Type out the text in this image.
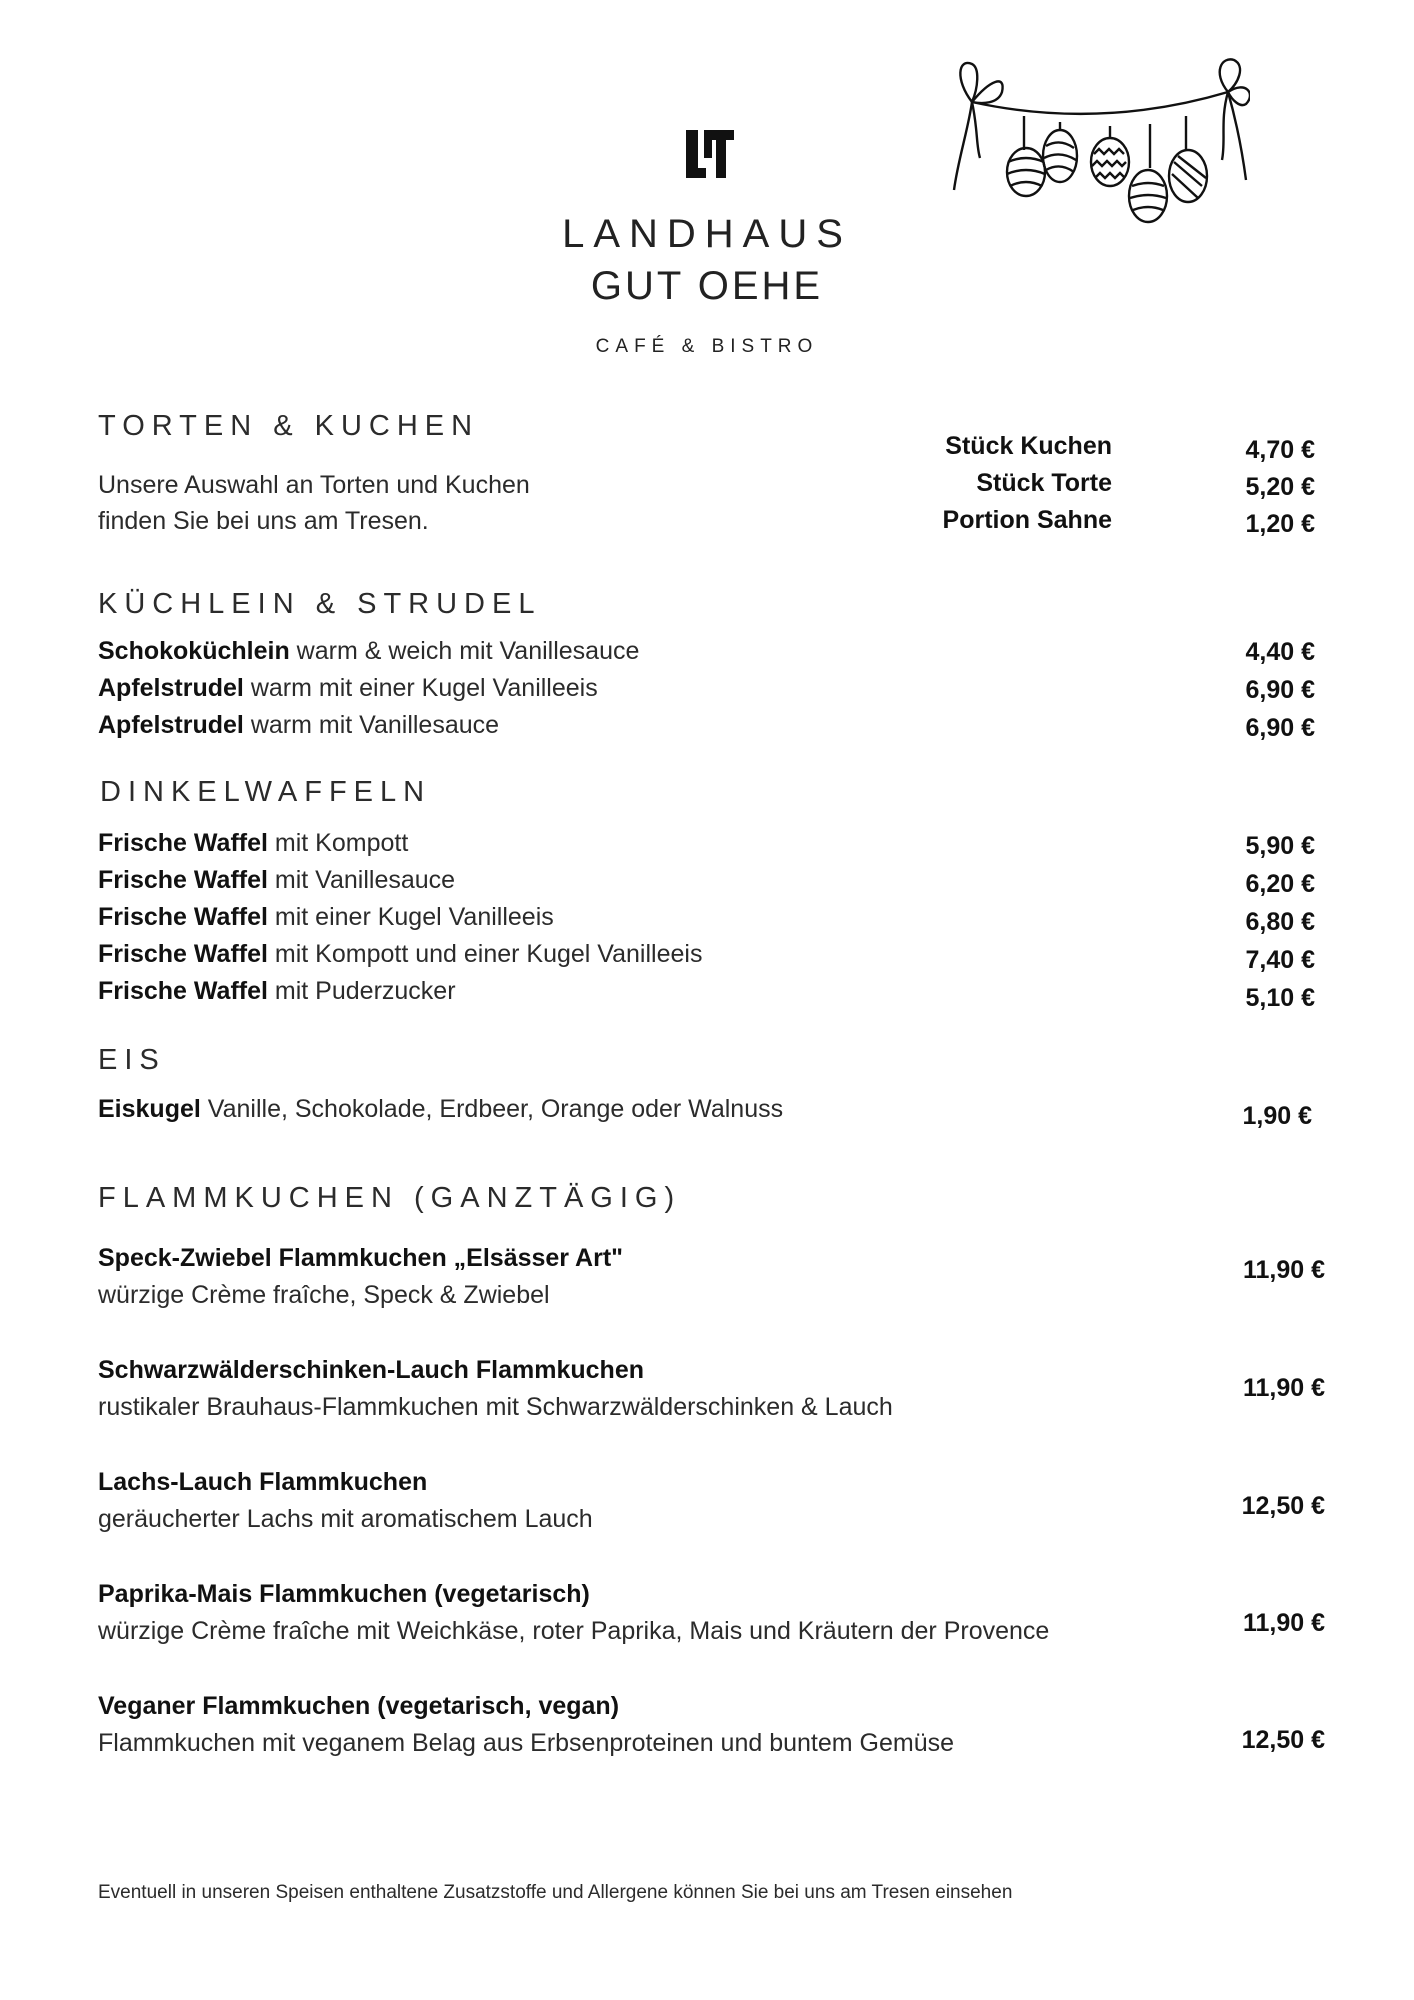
LANDHAUS
GUT OEHE
CAFÉ & BISTRO
TORTEN & KUCHEN
Unsere Auswahl an Torten und Kuchen
finden Sie bei uns am Tresen.
Stück Kuchen	4,70 €
Stück Torte	5,20 €
Portion Sahne	1,20 €
KÜCHLEIN & STRUDEL
Schokoküchlein warm & weich mit Vanillesauce	4,40 €
Apfelstrudel warm mit einer Kugel Vanilleeis	6,90 €
Apfelstrudel warm mit Vanillesauce	6,90 €
DINKELWAFFELN
Frische Waffel mit Kompott	5,90 €
Frische Waffel mit Vanillesauce	6,20 €
Frische Waffel mit einer Kugel Vanilleeis	6,80 €
Frische Waffel mit Kompott und einer Kugel Vanilleeis	7,40 €
Frische Waffel mit Puderzucker	5,10 €
EIS
Eiskugel Vanille, Schokolade, Erdbeer, Orange oder Walnuss	1,90 €
FLAMMKUCHEN (GANZTÄGIG)
Speck-Zwiebel Flammkuchen „Elsässer Art"
würzige Crème fraîche, Speck & Zwiebel
11,90 €
Schwarzwälderschinken-Lauch Flammkuchen
rustikaler Brauhaus-Flammkuchen mit Schwarzwälderschinken & Lauch
11,90 €
Lachs-Lauch Flammkuchen
geräucherter Lachs mit aromatischem Lauch	12,50 €
Paprika-Mais Flammkuchen (vegetarisch)
würzige Crème fraîche mit Weichkäse, roter Paprika, Mais und Kräutern der Provence	11,90 €
Veganer Flammkuchen (vegetarisch, vegan)
Flammkuchen mit veganem Belag aus Erbsenproteinen und buntem Gemüse	12,50 €
Eventuell in unseren Speisen enthaltene Zusatzstoffe und Allergene können Sie bei uns am Tresen einsehen
